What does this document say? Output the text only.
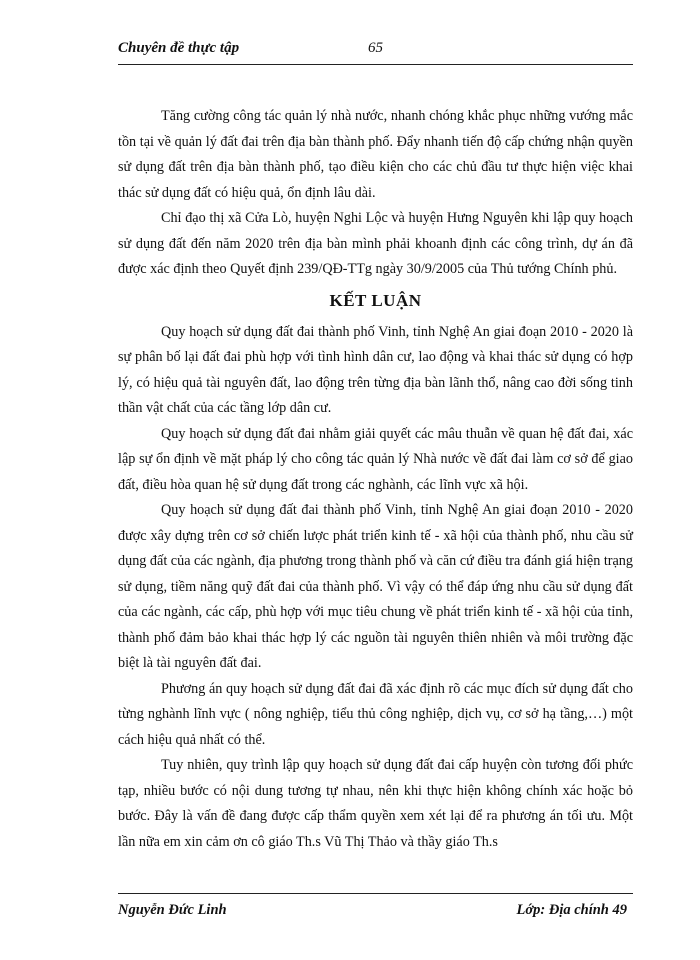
Chuyên đề thực tập	65

Tăng cường công tác quản lý nhà nước, nhanh chóng khắc phục những vướng mắc tồn tại về quản lý đất đai trên địa bàn thành phố. Đẩy nhanh tiến độ cấp chứng nhận quyền sử dụng đất trên địa bàn thành phố, tạo điều kiện cho các chủ đầu tư thực hiện việc khai thác sử dụng đất có hiệu quả, ổn định lâu dài.

Chỉ đạo thị xã Cửa Lò, huyện Nghi Lộc và huyện Hưng Nguyên khi lập quy hoạch sử dụng đất đến năm 2020 trên địa bàn mình phải khoanh định các công trình, dự án đã được xác định theo Quyết định 239/QĐ-TTg ngày 30/9/2005 của Thủ tướng Chính phủ.

KẾT LUẬN

Quy hoạch sử dụng đất đai thành phố Vinh, tỉnh Nghệ An giai đoạn 2010 - 2020 là sự phân bố lại đất đai phù hợp với tình hình dân cư, lao động và khai thác sử dụng có hợp lý, có hiệu quả tài nguyên đất, lao động trên từng địa bàn lãnh thổ, nâng cao đời sống tinh thần vật chất của các tầng lớp dân cư.

Quy hoạch sử dụng đất đai nhằm giải quyết các mâu thuẫn về quan hệ đất đai, xác lập sự ổn định về mặt pháp lý cho công tác quản lý Nhà nước về đất đai làm cơ sở để giao đất, điều hòa quan hệ sử dụng đất trong các nghành, các lĩnh vực xã hội.

Quy hoạch sử dụng đất đai thành phố Vinh, tỉnh Nghệ An giai đoạn 2010 - 2020 được xây dựng trên cơ sở chiến lược phát triển kinh tế - xã hội của thành phố, nhu cầu sử dụng đất của các ngành, địa phương trong thành phố và căn cứ điều tra đánh giá hiện trạng sử dụng, tiềm năng quỹ đất đai của thành phố. Vì vậy có thể đáp ứng nhu cầu sử dụng đất của các ngành, các cấp, phù hợp với mục tiêu chung về phát triển kinh tế - xã hội của tỉnh, thành phố đảm bảo khai thác hợp lý các nguồn tài nguyên thiên nhiên và môi trường đặc biệt là tài nguyên đất đai.

Phương án quy hoạch sử dụng đất đai đã xác định rõ các mục đích sử dụng đất cho từng nghành lĩnh vực ( nông nghiệp, tiểu thủ công nghiệp, dịch vụ, cơ sở hạ tầng,…) một cách hiệu quả nhất có thể.

Tuy nhiên, quy trình lập quy hoạch sử dụng đất đai cấp huyện còn tương đối phức tạp, nhiều bước có nội dung tương tự nhau, nên khi thực hiện không chính xác hoặc bỏ bước. Đây là vấn đề đang được cấp thẩm quyền xem xét lại để ra phương án tối ưu. Một lần nữa em xin cảm ơn cô giáo Th.s Vũ Thị Thảo và thầy giáo Th.s

Nguyễn Đức Linh	Lớp: Địa chính 49
